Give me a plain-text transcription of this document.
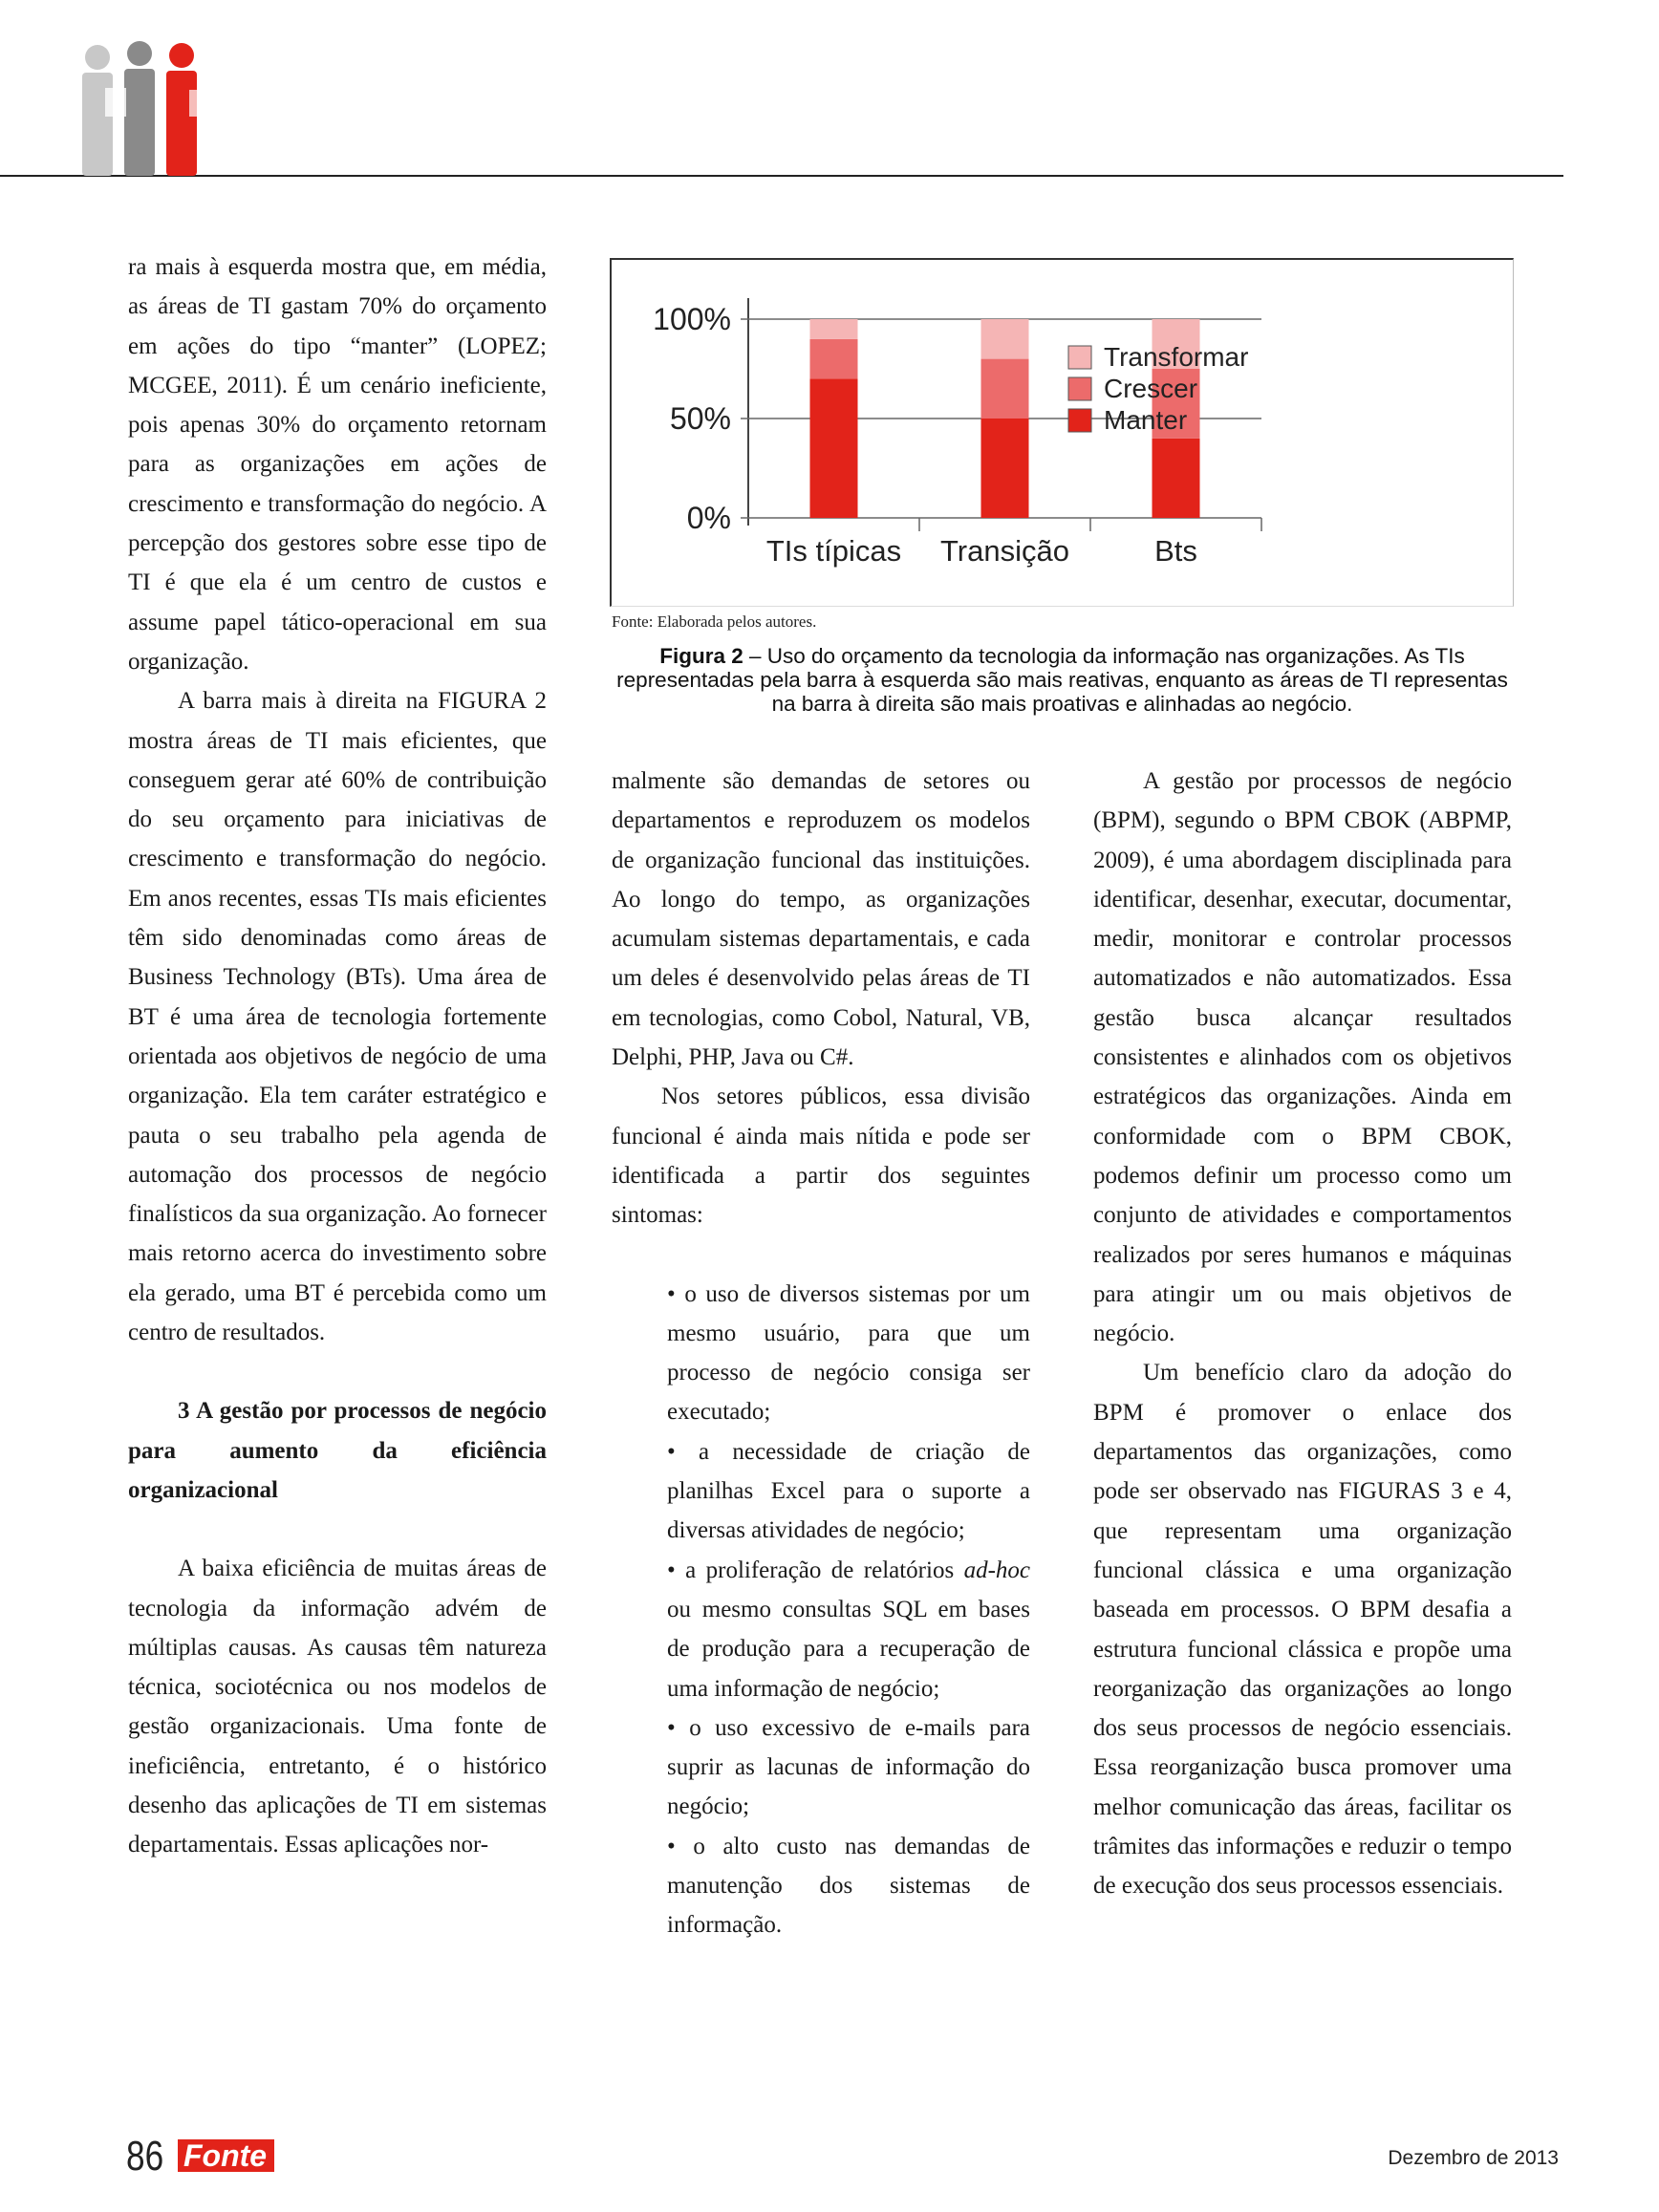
ra mais à esquerda mostra que, em média, as áreas de TI gastam 70% do orçamento em ações do tipo “manter” (LOPEZ; MCGEE, 2011). É um cenário ineficiente, pois apenas 30% do orçamento retornam para as organizações em ações de crescimento e transformação do negócio. A percepção dos gestores sobre esse tipo de TI é que ela é um centro de custos e assume papel tático-operacional em sua organização.

A barra mais à direita na FIGURA 2 mostra áreas de TI mais eficientes, que conseguem gerar até 60% de contribuição do seu orçamento para iniciativas de crescimento e transformação do negócio. Em anos recentes, essas TIs mais eficientes têm sido denominadas como áreas de Business Technology (BTs). Uma área de BT é uma área de tecnologia fortemente orientada aos objetivos de negócio de uma organização. Ela tem caráter estratégico e pauta o seu trabalho pela agenda de automação dos processos de negócio finalísticos da sua organização. Ao fornecer mais retorno acerca do investimento sobre ela gerado, uma BT é percebida como um centro de resultados.

3 A gestão por processos de negócio para aumento da eficiência organizacional

A baixa eficiência de muitas áreas de tecnologia da informação advém de múltiplas causas. As causas têm natureza técnica, sociotécnica ou nos modelos de gestão organizacionais. Uma fonte de ineficiência, entretanto, é o histórico desenho das aplicações de TI em sistemas departamentais. Essas aplicações nor-

0%
50%
100%
TIs típicas Transição	Bts
Transformar
Crescer
Manter
Fonte: Elaborada pelos autores.
Figura 2 – Uso do orçamento da tecnologia da informação nas organizações. As TIs representadas pela barra à esquerda são mais reativas, enquanto as áreas de TI representas na barra à direita são mais proativas e alinhadas ao negócio.

malmente são demandas de setores ou departamentos e reproduzem os modelos de organização funcional das instituições. Ao longo do tempo, as organizações acumulam sistemas departamentais, e cada um deles é desenvolvido pelas áreas de TI em tecnologias, como Cobol, Natural, VB, Delphi, PHP, Java ou C#.

Nos setores públicos, essa divisão funcional é ainda mais nítida e pode ser identificada a partir dos seguintes sintomas:

• o uso de diversos sistemas por um mesmo usuário, para que um processo de negócio consiga ser executado;
• a necessidade de criação de planilhas Excel para o suporte a diversas atividades de negócio;
• a proliferação de relatórios ad-hoc ou mesmo consultas SQL em bases de produção para a recuperação de uma informação de negócio;
• o uso excessivo de e-mails para suprir as lacunas de informação do negócio;
• o alto custo nas demandas de manutenção dos sistemas de informação.

A gestão por processos de negócio (BPM), segundo o BPM CBOK (ABPMP, 2009), é uma abordagem disciplinada para identificar, desenhar, executar, documentar, medir, monitorar e controlar processos automatizados e não automatizados. Essa gestão busca alcançar resultados consistentes e alinhados com os objetivos estratégicos das organizações. Ainda em conformidade com o BPM CBOK, podemos definir um processo como um conjunto de atividades e comportamentos realizados por seres humanos e máquinas para atingir um ou mais objetivos de negócio.

Um benefício claro da adoção do BPM é promover o enlace dos departamentos das organizações, como pode ser observado nas FIGURAS 3 e 4, que representam uma organização funcional clássica e uma organização baseada em processos. O BPM desafia a estrutura funcional clássica e propõe uma reorganização das organizações ao longo dos seus processos de negócio essenciais. Essa reorganização busca promover uma melhor comunicação das áreas, facilitar os trâmites das informações e reduzir o tempo de execução dos seus processos essenciais.

86 Fonte	Dezembro de 2013
